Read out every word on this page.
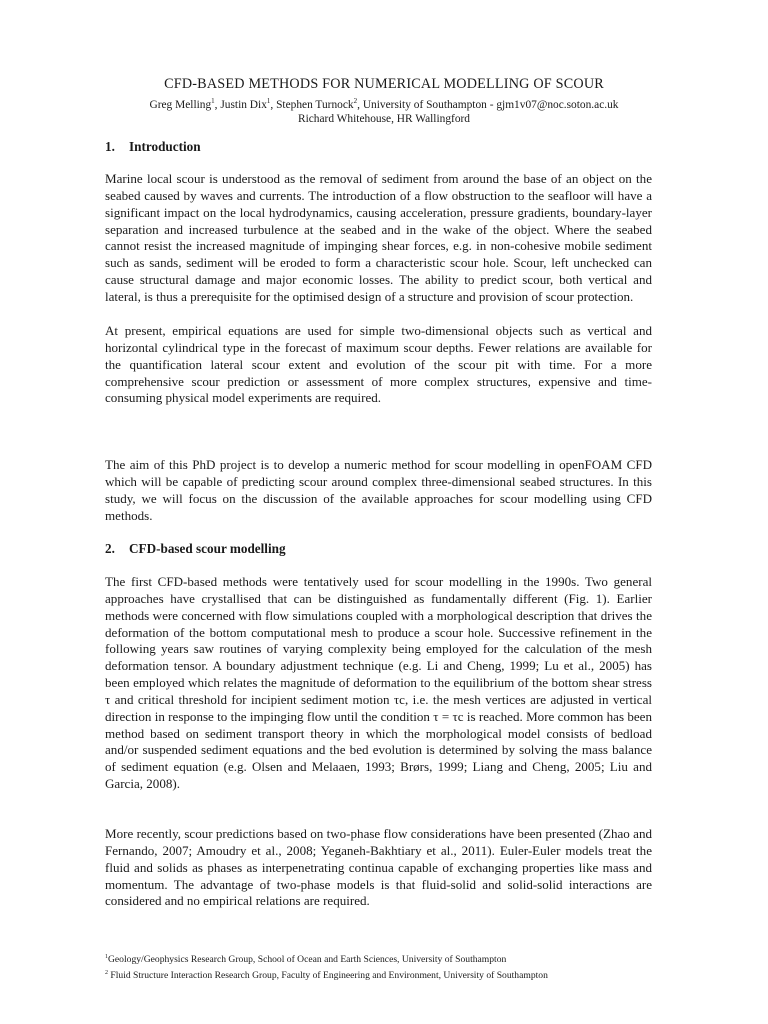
CFD-BASED METHODS FOR NUMERICAL MODELLING OF SCOUR
Greg Melling$^1$, Justin Dix$^1$, Stephen Turnock$^2$, University of Southampton - gjm1v07@noc.soton.ac.uk
Richard Whitehouse, HR Wallingford
1. Introduction

Marine local scour is understood as the removal of sediment from around the base of an object on the seabed caused by waves and currents. The introduction of a flow obstruction to the seafloor will have a significant impact on the local hydrodynamics, causing acceleration, pressure gradients, boundary-layer separation and increased turbulence at the seabed and in the wake of the object. Where the seabed cannot resist the increased magnitude of impinging shear forces, e.g. in non-cohesive mobile sediment such as sands, sediment will be eroded to form a characteristic scour hole. Scour, left unchecked can cause structural damage and major economic losses. The ability to predict scour, both vertical and lateral, is thus a prerequisite for the optimised design of a structure and provision of scour protection.

At present, empirical equations are used for simple two-dimensional objects such as vertical and horizontal cylindrical type in the forecast of maximum scour depths. Fewer relations are available for the quantification lateral scour extent and evolution of the scour pit with time. For a more comprehensive scour prediction or assessment of more complex structures, expensive and time-consuming physical model experiments are required.

The aim of this PhD project is to develop a numeric method for scour modelling in openFOAM CFD which will be capable of predicting scour around complex three-dimensional seabed structures. In this study, we will focus on the discussion of the available approaches for scour modelling using CFD methods.

2. CFD-based scour modelling

The first CFD-based methods were tentatively used for scour modelling in the 1990s. Two general approaches have crystallised that can be distinguished as fundamentally different (Fig. 1). Earlier methods were concerned with flow simulations coupled with a morphological description that drives the deformation of the bottom computational mesh to produce a scour hole. Successive refinement in the following years saw routines of varying complexity being employed for the calculation of the mesh deformation tensor. A boundary adjustment technique (e.g. Li and Cheng, 1999; Lu et al., 2005) has been employed which relates the magnitude of deformation to the equilibrium of the bottom shear stress τ and critical threshold for incipient sediment motion τc, i.e. the mesh vertices are adjusted in vertical direction in response to the impinging flow until the condition τ = τc is reached. More common has been method based on sediment transport theory in which the morphological model consists of bedload and/or suspended sediment equations and the bed evolution is determined by solving the mass balance of sediment equation (e.g. Olsen and Melaaen, 1993; Brørs, 1999; Liang and Cheng, 2005; Liu and Garcia, 2008).

More recently, scour predictions based on two-phase flow considerations have been presented (Zhao and Fernando, 2007; Amoudry et al., 2008; Yeganeh-Bakhtiary et al., 2011). Euler-Euler models treat the fluid and solids as phases as interpenetrating continua capable of exchanging properties like mass and momentum. The advantage of two-phase models is that fluid-solid and solid-solid interactions are considered and no empirical relations are required.

$^1$Geology/Geophysics Research Group, School of Ocean and Earth Sciences, University of Southampton
$^2$ Fluid Structure Interaction Research Group, Faculty of Engineering and Environment, University of Southampton
